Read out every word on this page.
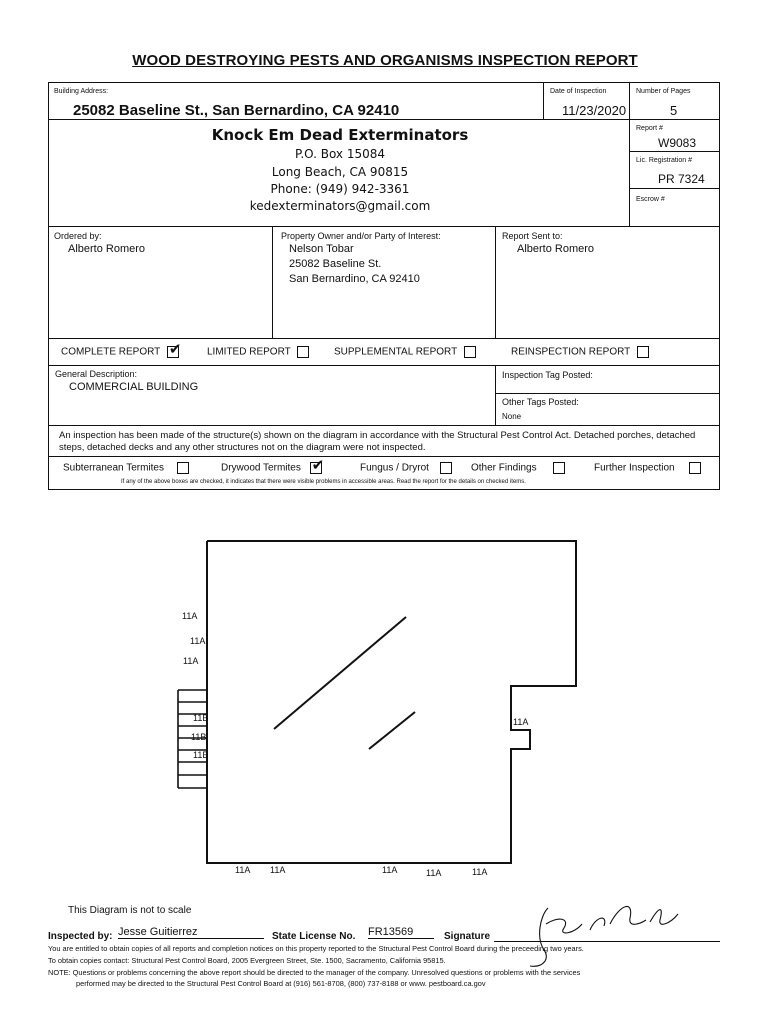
WOOD DESTROYING PESTS AND ORGANISMS INSPECTION REPORT
Building Address:
25082 Baseline St., San Bernardino, CA 92410
Date of Inspection
11/23/2020
Number of Pages
5
Knock Em Dead Exterminators
P.O. Box 15084
Long Beach, CA 90815
Phone: (949) 942-3361
kedexterminators@gmail.com
Report #
W9083
Lic. Registration #
PR 7324
Escrow #
Ordered by:
Alberto Romero
Property Owner and/or Party of Interest:
Nelson Tobar
25082 Baseline St.
San Bernardino, CA 92410
Report Sent to:
Alberto Romero
COMPLETE REPORT ✔	LIMITED REPORT	SUPPLEMENTAL REPORT	REINSPECTION REPORT
General Description:
COMMERCIAL BUILDING
Inspection Tag Posted:
Other Tags Posted:
None
An inspection has been made of the structure(s) shown on the diagram in accordance with the Structural Pest Control Act. Detached porches, detached steps, detached decks and any other structures not on the diagram were not inspected.
Subterranean Termites	Drywood Termites ✔	Fungus / Dryrot	Other Findings	Further Inspection
If any of the above boxes are checked, it indicates that there were visible problems in accessible areas. Read the report for the details on checked items.
11A
11A
11A
11B
11B
11B
11A
11A 11A	11A	11A	11A
This Diagram is not to scale
Inspected by: Jesse Guitierrez	State License No. FR13569	Signature
You are entitled to obtain copies of all reports and completion notices on this property reported to the Structural Pest Control Board during the preceeding two years.
To obtain copies contact: Structural Pest Control Board, 2005 Evergreen Street, Ste. 1500, Sacramento, California 95815.
NOTE: Questions or problems concerning the above report should be directed to the manager of the company. Unresolved questions or problems with the services
performed may be directed to the Structural Pest Control Board at (916) 561-8708, (800) 737-8188 or www. pestboard.ca.gov
